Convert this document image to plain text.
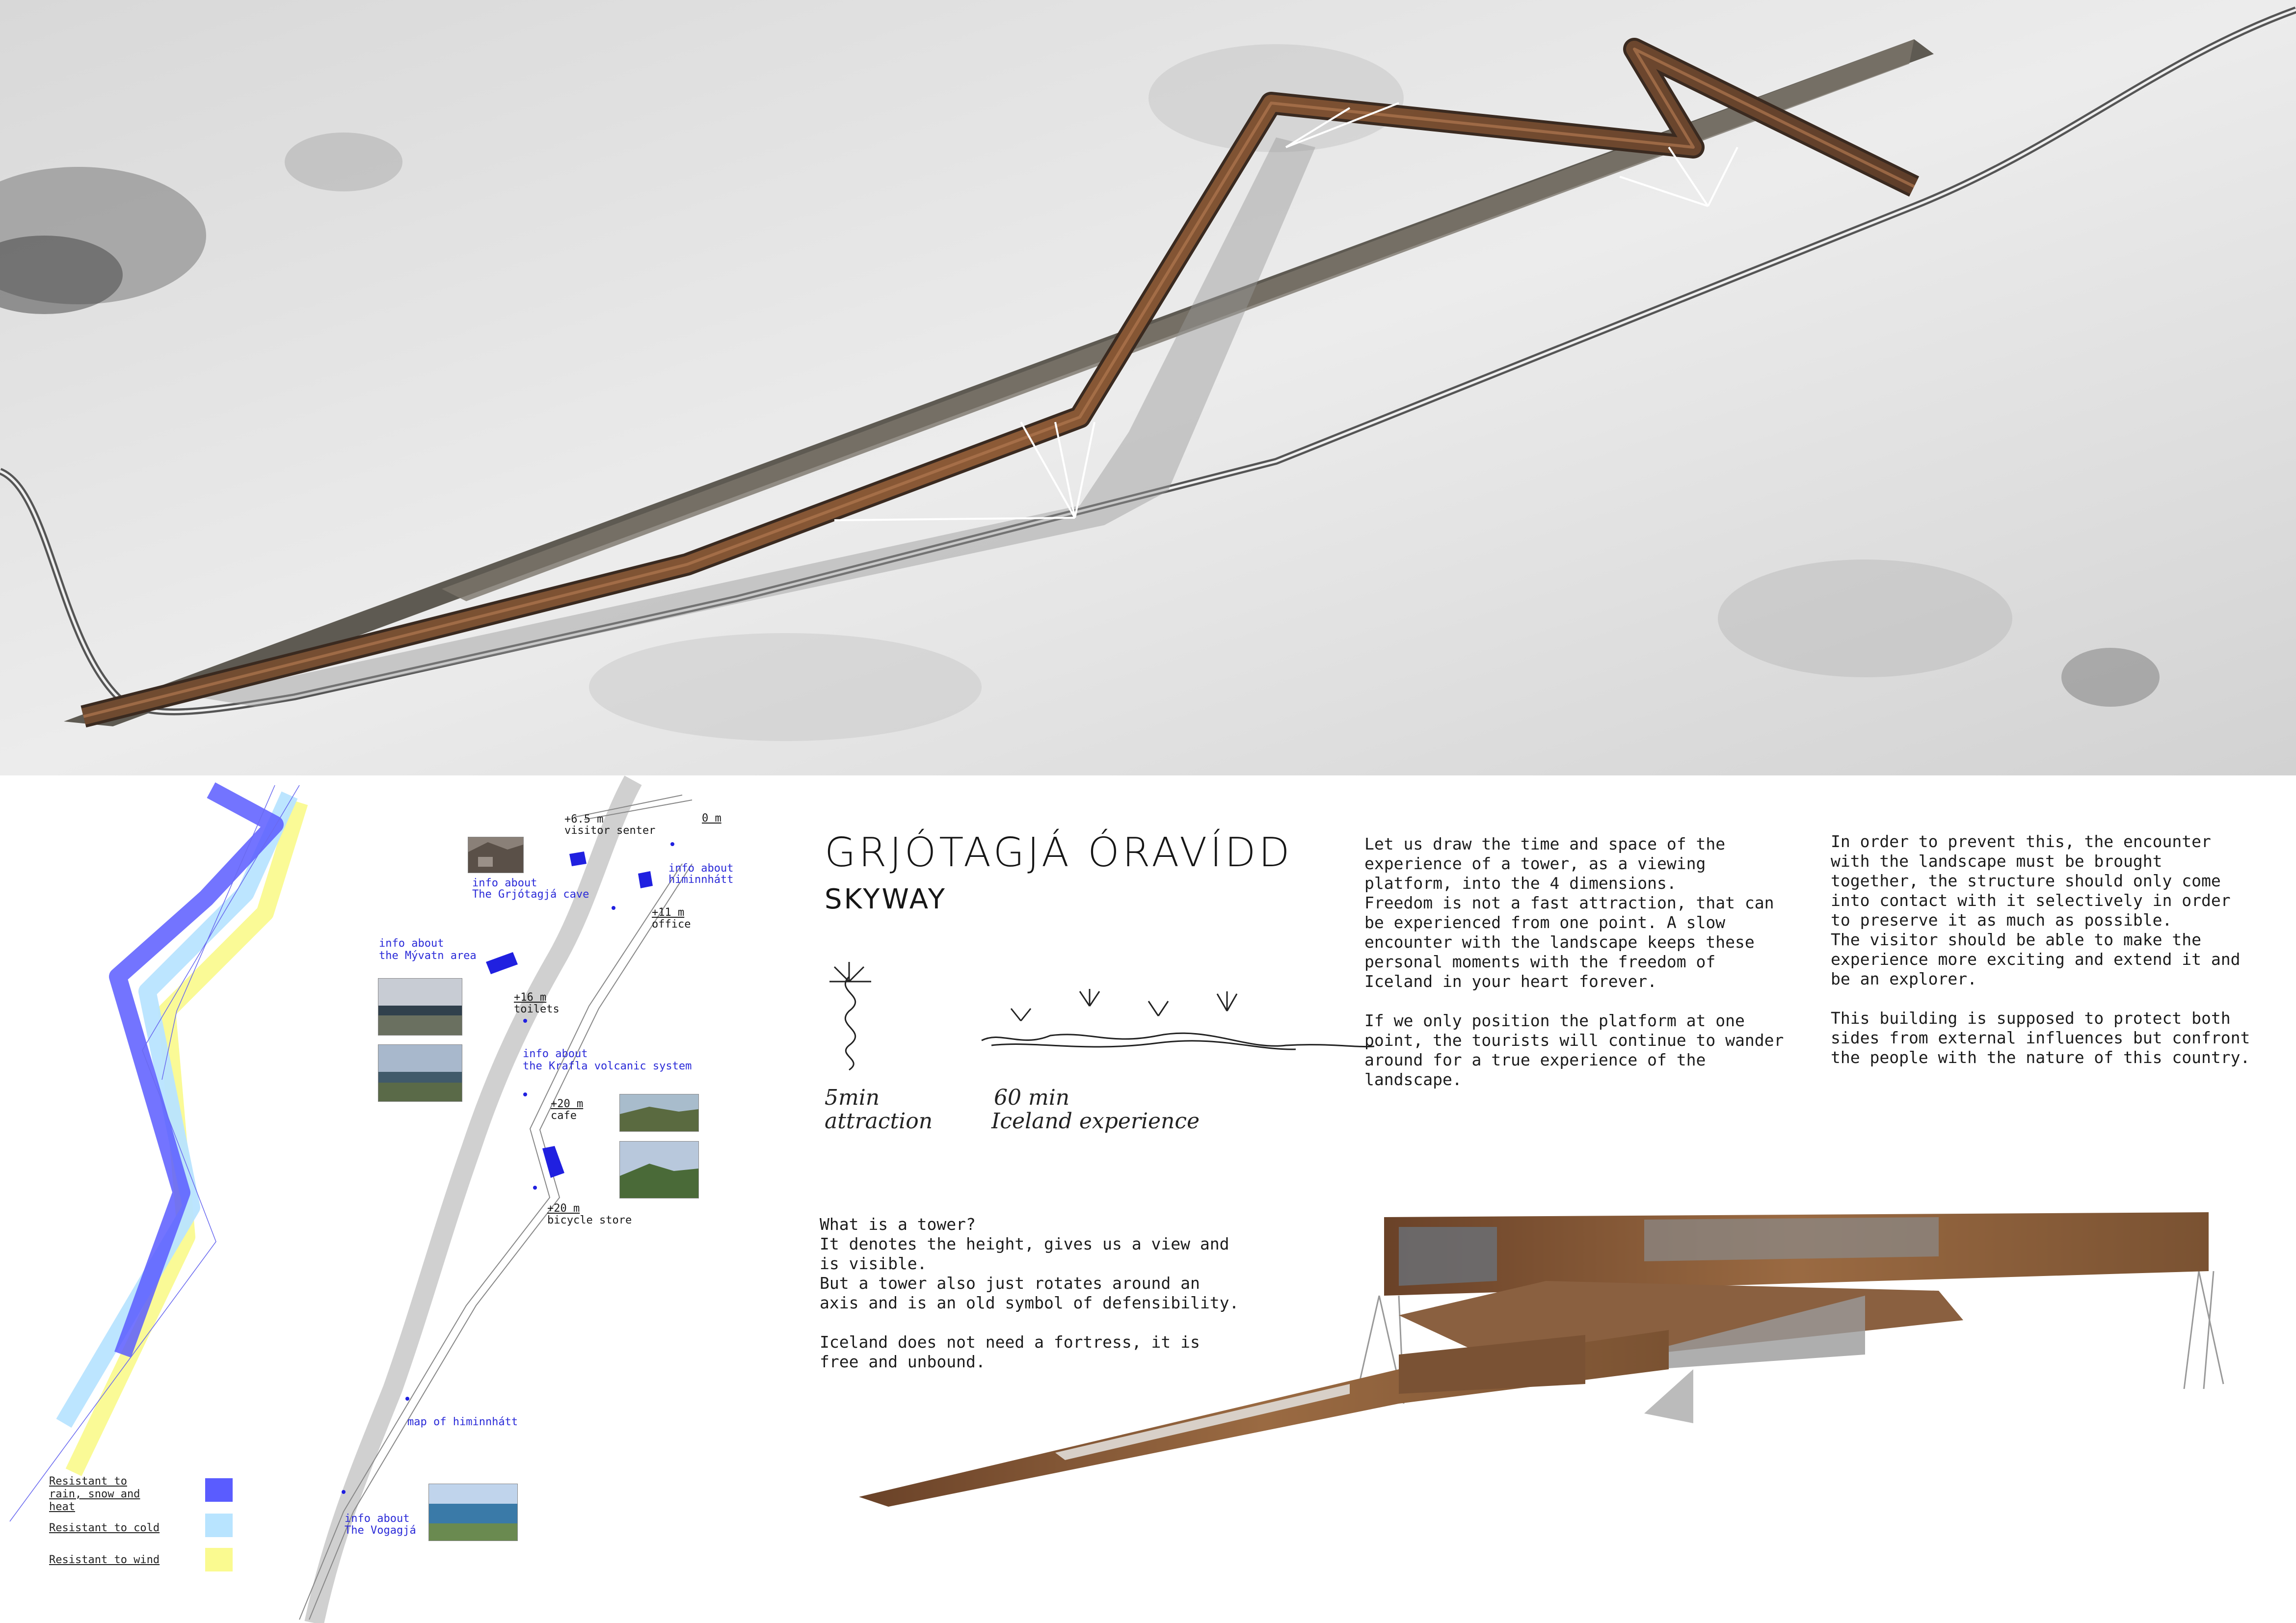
+6.5 m
visitor senter
0 m
info about
The Grjótagjá cave
info about
himinnhátt
+11 m
office
info about
the Mývatn area
+16 m
toilets
info about
the Krafla volcanic system
+20 m
cafe
+20 m
bicycle store
map of himinnhátt
info about
The Vogagjá
Resistant to
rain, snow and
heat
Resistant to cold
Resistant to wind
GRJÓTAGJÁ ÓRAVÍDD
SKYWAY
Let us draw the time and space of the
experience of a tower, as a viewing
platform, into the 4 dimensions.
Freedom is not a fast attraction, that can
be experienced from one point. A slow
encounter with the landscape keeps these
personal moments with the freedom of
Iceland in your heart forever.

If we only position the platform at one
point, the tourists will continue to wander
around for a true experience of the
landscape.
In order to prevent this, the encounter
with the landscape must be brought
together, the structure should only come
into contact with it selectively in order
to preserve it as much as possible.
The visitor should be able to make the
experience more exciting and extend it and
be an explorer.

This building is supposed to protect both
sides from external influences but confront
the people with the nature of this country.
What is a tower?
It denotes the height, gives us a view and
is visible.
But a tower also just rotates around an
axis and is an old symbol of defensibility.

Iceland does not need a fortress, it is
free and unbound.
5min
attraction
60 min
Iceland experience
